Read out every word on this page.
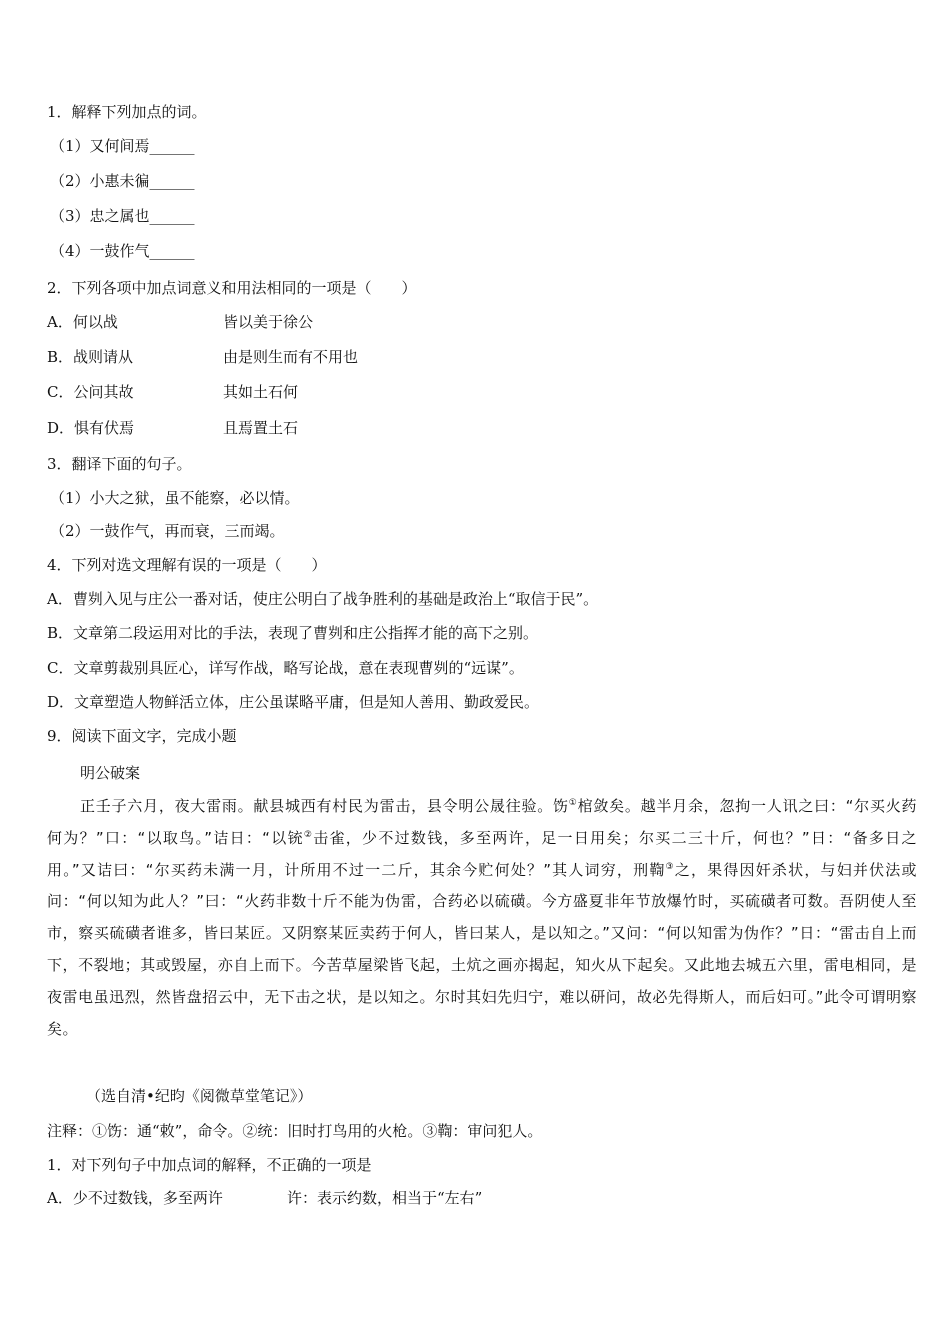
1．解释下列加点的词。
（1）又何间焉______
（2）小惠未徧______
（3）忠之属也______
（4）一鼓作气______
2．下列各项中加点词意义和用法相同的一项是（　　）
A．何以战	皆以美于徐公
B．战则请从	由是则生而有不用也
C．公问其故	其如土石何
D．惧有伏焉	且焉置土石
3．翻译下面的句子。
（1）小大之狱，虽不能察，必以情。
（2）一鼓作气，再而衰，三而竭。
4．下列对选文理解有误的一项是（　　）
A．曹刿入见与庄公一番对话，使庄公明白了战争胜利的基础是政治上“取信于民”。
B．文章第二段运用对比的手法，表现了曹刿和庄公指挥才能的高下之别。
C．文章剪裁别具匠心，详写作战，略写论战，意在表现曹刿的“远谋”。
D．文章塑造人物鲜活立体，庄公虽谋略平庸，但是知人善用、勤政爱民。
9．阅读下面文字，完成小题
明公破案
正壬子六月，夜大雷雨。献县城西有村民为雷击，县令明公晟往验。饬①棺敛矣。越半月余，忽拘一人讯之曰：“尔买火药何为？”口：“以取鸟。”诘日：“以铳②击雀，少不过数钱，多至两许，足一日用矣；尔买二三十斤，何也？”日：“备多日之用。”又诘曰：“尔买药未满一月，计所用不过一二斤，其余今贮何处？”其人词穷，刑鞫③之，果得因奸杀状，与妇并伏法或问：“何以知为此人？”曰：“火药非数十斤不能为伪雷，合药必以硫磺。今方盛夏非年节放爆竹时，买硫磺者可数。吾阴使人至市，察买硫磺者谁多，皆曰某匠。又阴察某匠卖药于何人，皆曰某人，是以知之。”又问：“何以知雷为伪作？”日：“雷击自上而下，不裂地；其或毁屋，亦自上而下。今苦草屋梁皆飞起，土炕之画亦揭起，知火从下起矣。又此地去城五六里，雷电相同，是夜雷电虽迅烈，然皆盘招云中，无下击之状，是以知之。尔时其妇先归宁，难以研问，故必先得斯人，而后妇可。”此令可谓明察矣。
（选自清•纪昀《阅微草堂笔记》）
注释：①饬：通“敕”，命令。②统：旧时打鸟用的火枪。③鞫：审问犯人。
1．对下列句子中加点词的解释，不正确的一项是
A．少不过数钱，多至两许	许：表示约数，相当于“左右”
